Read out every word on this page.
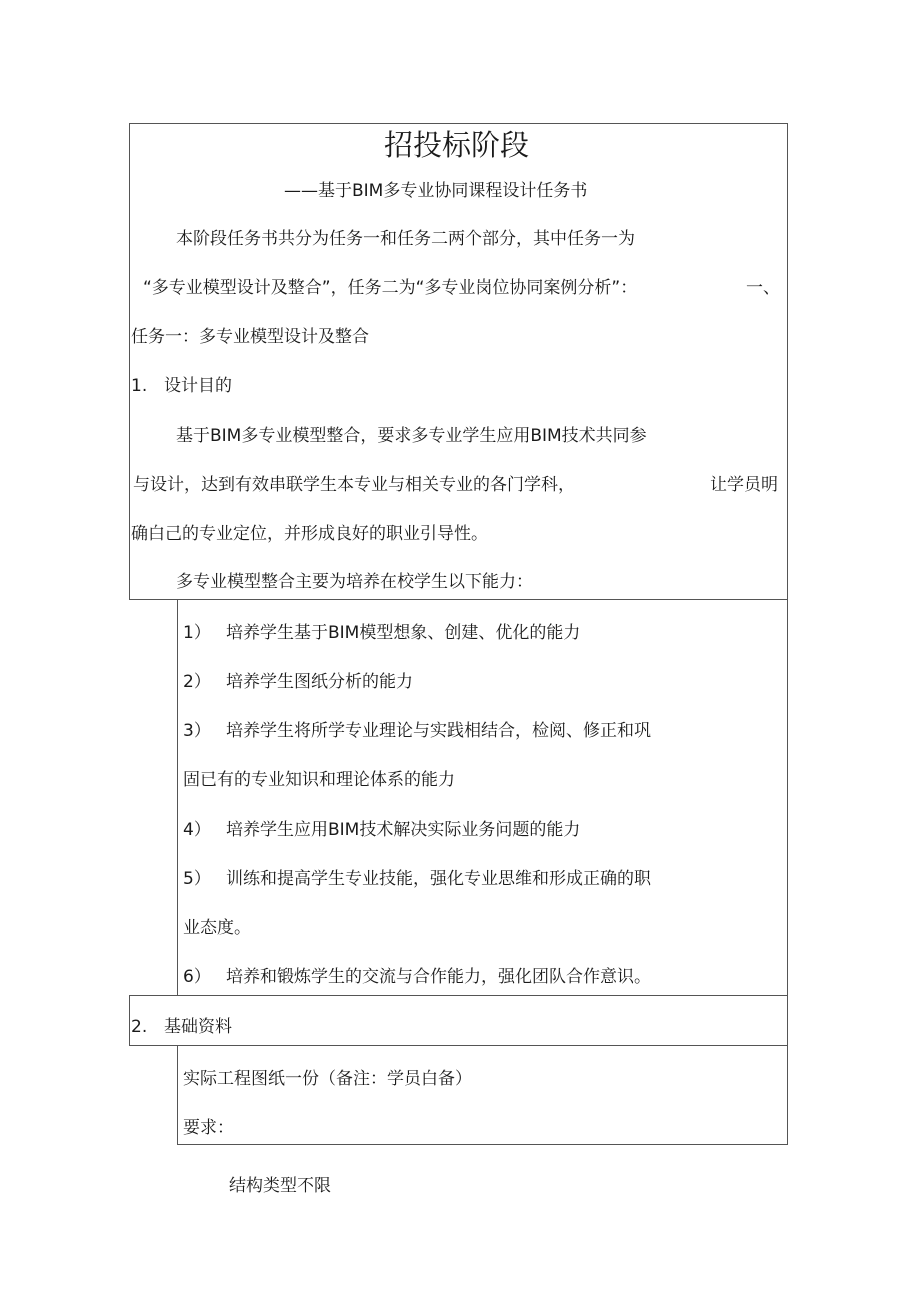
招投标阶段
——基于BIM多专业协同课程设计任务书
本阶段任务书共分为任务一和任务二两个部分，其中任务一为
“多专业模型设计及整合”，任务二为“多专业岗位协同案例分析”：	一、
任务一：多专业模型设计及整合
1. 设计目的
基于BIM多专业模型整合，要求多专业学生应用BIM技术共同参
与设计，达到有效串联学生本专业与相关专业的各门学科，	让学员明
确白己的专业定位，并形成良好的职业引导性。
多专业模型整合主要为培养在校学生以下能力：
1） 培养学生基于BIM模型想象、创建、优化的能力
2） 培养学生图纸分析的能力
3） 培养学生将所学专业理论与实践相结合，检阅、修正和巩
固已有的专业知识和理论体系的能力
4） 培养学生应用BIM技术解决实际业务问题的能力
5） 训练和提高学生专业技能，强化专业思维和形成正确的职
业态度。
6） 培养和锻炼学生的交流与合作能力，强化团队合作意识。
2. 基础资料
实际工程图纸一份（备注：学员白备）
要求：
结构类型不限
